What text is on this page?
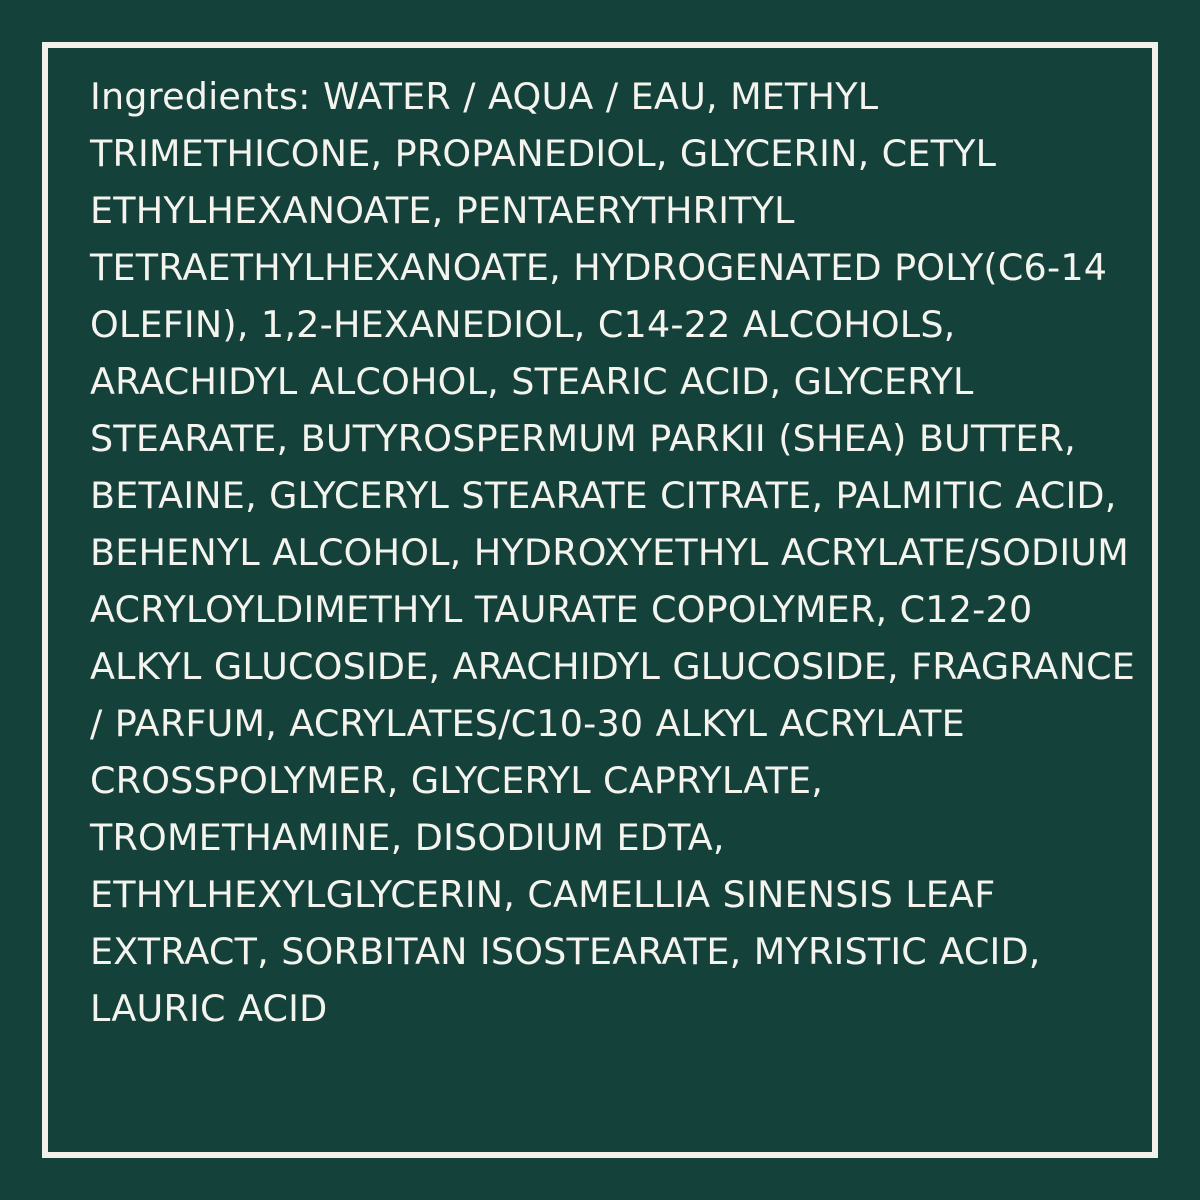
Ingredients: WATER / AQUA / EAU, METHYL TRIMETHICONE, PROPANEDIOL, GLYCERIN, CETYL ETHYLHEXANOATE, PENTAERYTHRITYL TETRAETHYLHEXANOATE, HYDROGENATED POLY(C6-14 OLEFIN), 1,2-HEXANEDIOL, C14-22 ALCOHOLS, ARACHIDYL ALCOHOL, STEARIC ACID, GLYCERYL STEARATE, BUTYROSPERMUM PARKII (SHEA) BUTTER, BETAINE, GLYCERYL STEARATE CITRATE, PALMITIC ACID, BEHENYL ALCOHOL, HYDROXYETHYL ACRYLATE/SODIUM ACRYLOYLDIMETHYL TAURATE COPOLYMER, C12-20 ALKYL GLUCOSIDE, ARACHIDYL GLUCOSIDE, FRAGRANCE / PARFUM, ACRYLATES/C10-30 ALKYL ACRYLATE CROSSPOLYMER, GLYCERYL CAPRYLATE, TROMETHAMINE, DISODIUM EDTA, ETHYLHEXYLGLYCERIN, CAMELLIA SINENSIS LEAF EXTRACT, SORBITAN ISOSTEARATE, MYRISTIC ACID, LAURIC ACID
